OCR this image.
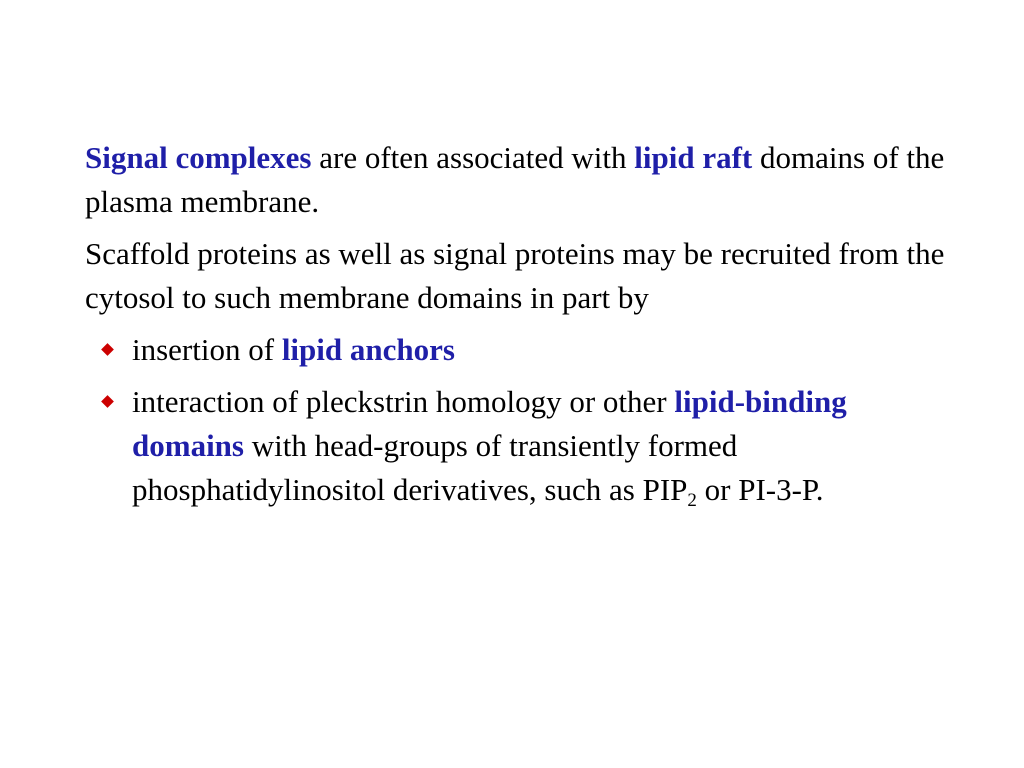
Signal complexes are often associated with lipid raft domains of the plasma membrane.

Scaffold proteins as well as signal proteins may be recruited from the cytosol to such membrane domains in part by

insertion of lipid anchors
interaction of pleckstrin homology or other lipid-binding domains with head-groups of transiently formed phosphatidylinositol derivatives, such as $PIP_2$ or PI-3-P.
